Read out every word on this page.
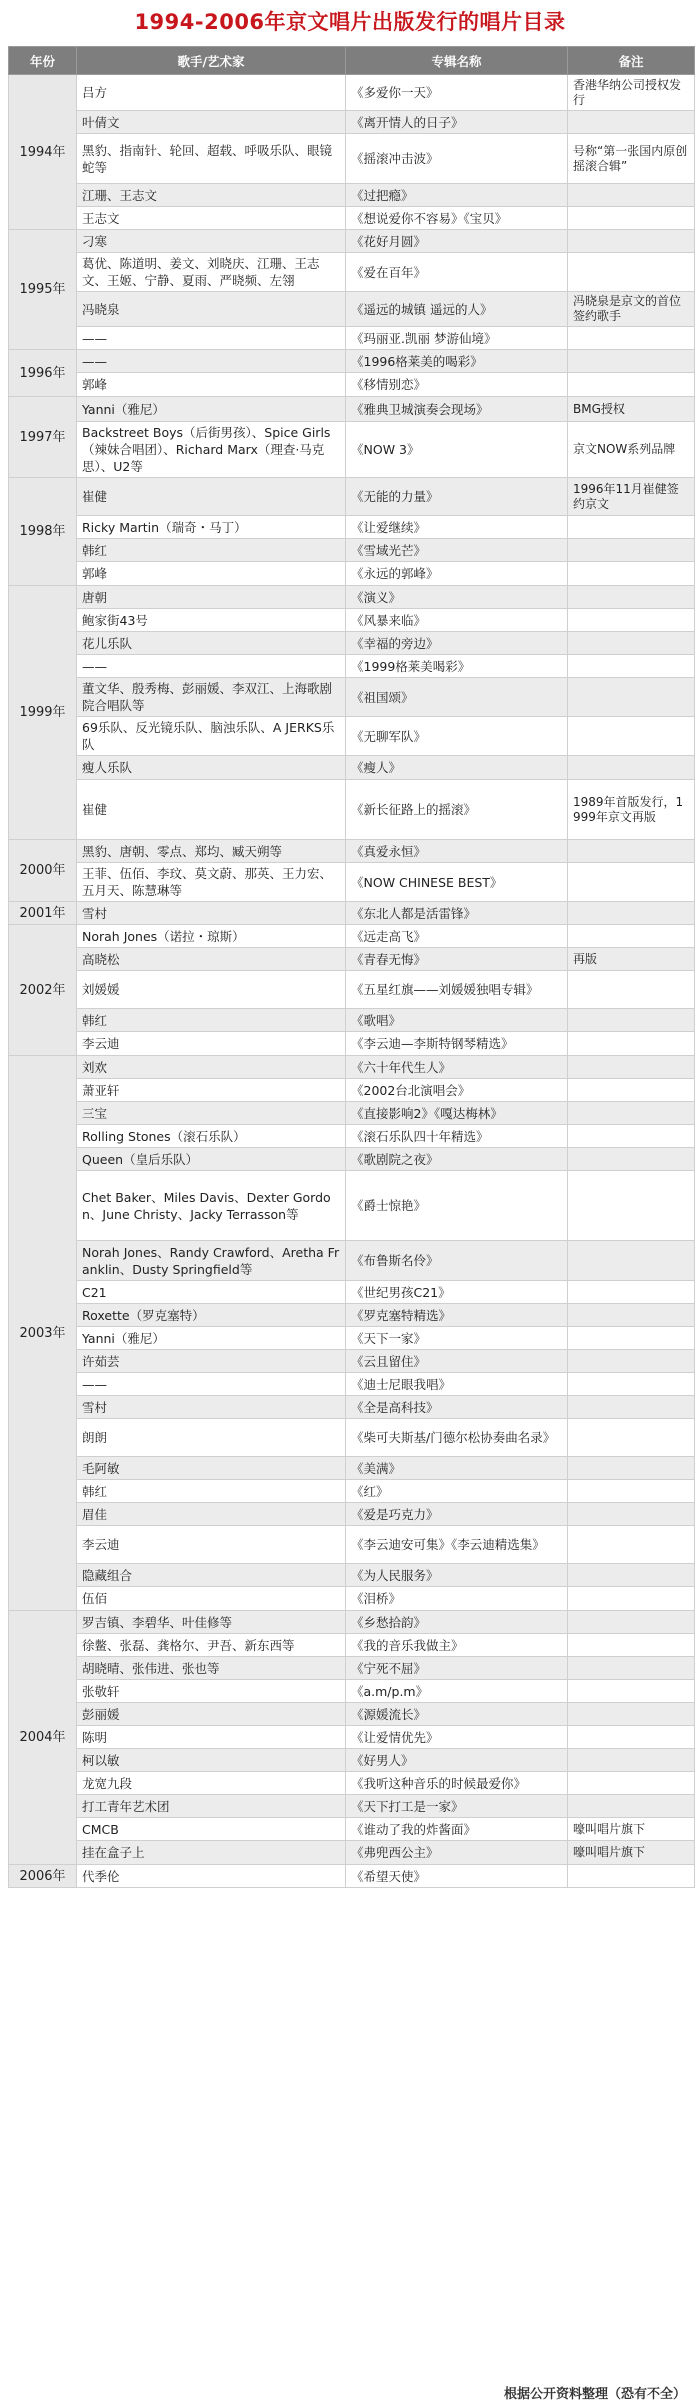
1994-2006年京文唱片出版发行的唱片目录
年份	歌手/艺术家	专辑名称	备注
1994年	吕方	《多爱你一天》	香港华纳公司授权发行
	叶倩文	《离开情人的日子》	
	黑豹、指南针、轮回、超载、呼吸乐队、眼镜蛇等	《摇滚冲击波》	号称“第一张国内原创摇滚合辑”
	江珊、王志文	《过把瘾》	
	王志文	《想说爱你不容易》《宝贝》	
1995年	刁寒	《花好月圆》	
	葛优、陈道明、姜文、刘晓庆、江珊、王志文、王姬、宁静、夏雨、严晓频、左翎	《爱在百年》	
	冯晓泉	《遥远的城镇 遥远的人》	冯晓泉是京文的首位签约歌手
	——	《玛丽亚.凯丽 梦游仙境》	
1996年	——	《1996格莱美的喝彩》	
	郭峰	《移情别恋》	
1997年	Yanni（雅尼）	《雅典卫城演奏会现场》	BMG授权
	Backstreet Boys（后街男孩）、Spice Girls（辣妹合唱团）、Richard Marx（理查·马克思）、U2等	《NOW 3》	京文NOW系列品牌
1998年	崔健	《无能的力量》	1996年11月崔健签约京文
	Ricky Martin（瑞奇・马丁）	《让爱继续》	
	韩红	《雪域光芒》	
	郭峰	《永远的郭峰》	
1999年	唐朝	《演义》	
	鲍家街43号	《风暴来临》	
	花儿乐队	《幸福的旁边》	
	——	《1999格莱美喝彩》	
	董文华、殷秀梅、彭丽媛、李双江、上海歌剧院合唱队等	《祖国颂》	
	69乐队、反光镜乐队、脑浊乐队、A JERKS乐队	《无聊军队》	
	瘦人乐队	《瘦人》	
	崔健	《新长征路上的摇滚》	1989年首版发行，1999年京文再版
2000年	黑豹、唐朝、零点、郑均、臧天朔等	《真爱永恒》	
	王菲、伍佰、李玟、莫文蔚、那英、王力宏、五月天、陈慧琳等	《NOW CHINESE BEST》	
2001年	雪村	《东北人都是活雷锋》	
2002年	Norah Jones（诺拉・琼斯）	《远走高飞》	
	高晓松	《青春无悔》	再版
	刘媛媛	《五星红旗——刘媛媛独唱专辑》	
	韩红	《歌唱》	
	李云迪	《李云迪—李斯特钢琴精选》	
2003年	刘欢	《六十年代生人》	
	萧亚轩	《2002台北演唱会》	
	三宝	《直接影响2》《嘎达梅林》	
	Rolling Stones（滚石乐队）	《滚石乐队四十年精选》	
	Queen（皇后乐队）	《歌剧院之夜》	
	Chet Baker、Miles Davis、Dexter Gordon、June Christy、Jacky Terrasson等	《爵士惊艳》	
	Norah Jones、Randy Crawford、Aretha Franklin、Dusty Springfield等	《布鲁斯名伶》	
	C21	《世纪男孩C21》	
	Roxette（罗克塞特）	《罗克塞特精选》	
	Yanni（雅尼）	《天下一家》	
	许茹芸	《云且留住》	
	——	《迪士尼眼我唱》	
	雪村	《全是高科技》	
	朗朗	《柴可夫斯基/门德尔松协奏曲名录》	
	毛阿敏	《美满》	
	韩红	《红》	
	眉佳	《爱是巧克力》	
	李云迪	《李云迪安可集》《李云迪精选集》	
	隐藏组合	《为人民服务》	
	伍佰	《泪桥》	
2004年	罗吉镇、李碧华、叶佳修等	《乡愁拾韵》	
	徐鳖、张磊、龚格尔、尹吾、新东西等	《我的音乐我做主》	
	胡晓晴、张伟进、张也等	《宁死不屈》	
	张敬轩	《a.m/p.m》	
	彭丽媛	《源媛流长》	
	陈明	《让爱情优先》	
	柯以敏	《好男人》	
	龙宽九段	《我听这种音乐的时候最爱你》	
	打工青年艺术团	《天下打工是一家》	
	CMCB	《谁动了我的炸酱面》	嚎叫唱片旗下
	挂在盒子上	《弗兜西公主》	嚎叫唱片旗下
2006年	代季伦	《希望天使》	
根据公开资料整理（恐有不全）
